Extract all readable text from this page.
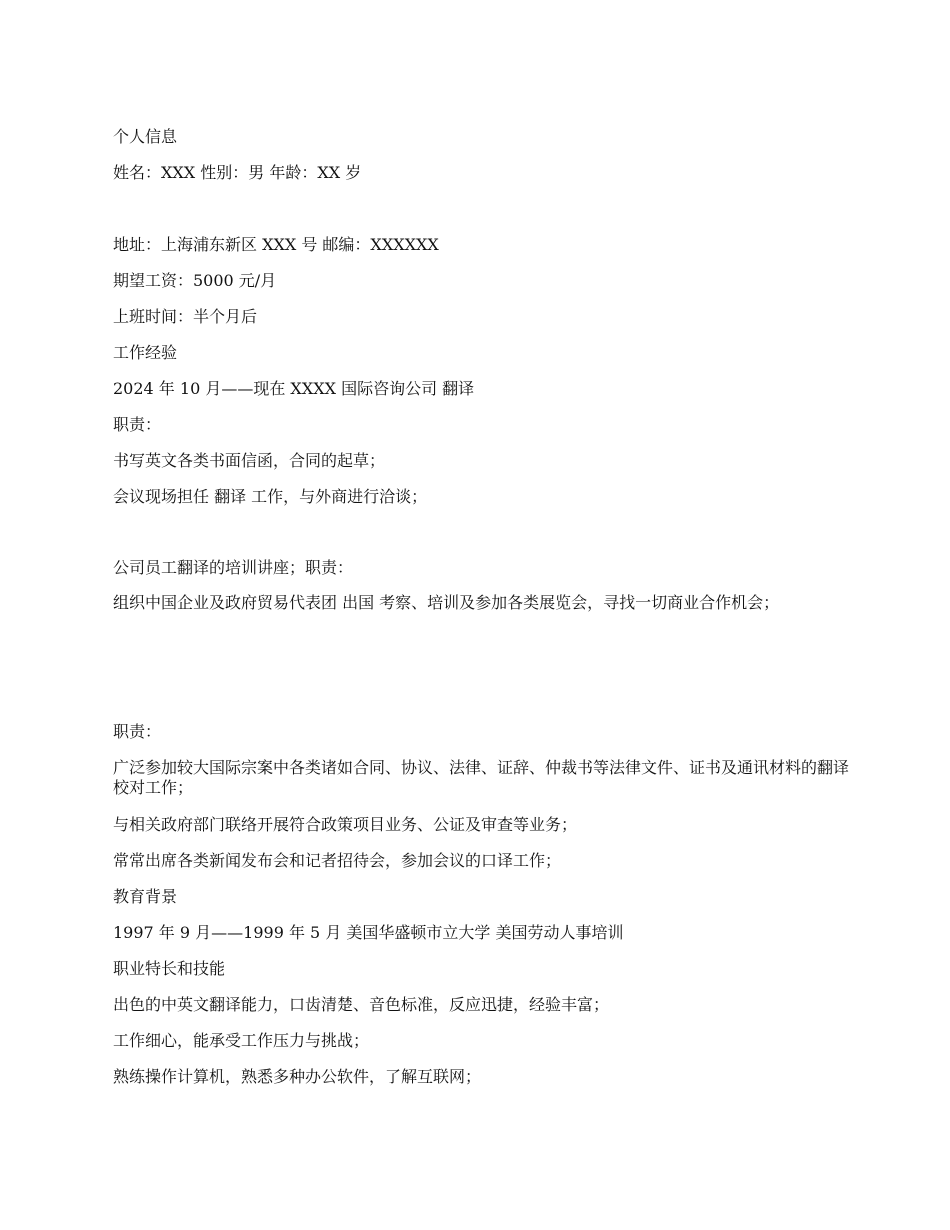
个人信息
姓名：XXX 性别：男 年龄：XX 岁
地址：上海浦东新区 XXX 号 邮编：XXXXXX
期望工资：5000 元/月
上班时间：半个月后
工作经验
2024 年 10 月——现在 XXXX 国际咨询公司 翻译
职责：
书写英文各类书面信函，合同的起草；
会议现场担任 翻译 工作，与外商进行洽谈；
公司员工翻译的培训讲座；职责：
组织中国企业及政府贸易代表团 出国 考察、培训及参加各类展览会，寻找一切商业合作机会；
职责：
广泛参加较大国际宗案中各类诸如合同、协议、法律、证辞、仲裁书等法律文件、证书及通讯材料的翻译校对工作；
与相关政府部门联络开展符合政策项目业务、公证及审查等业务；
常常出席各类新闻发布会和记者招待会，参加会议的口译工作；
教育背景
1997 年 9 月——1999 年 5 月 美国华盛顿市立大学 美国劳动人事培训
职业特长和技能
出色的中英文翻译能力，口齿清楚、音色标准，反应迅捷，经验丰富；
工作细心，能承受工作压力与挑战；
熟练操作计算机，熟悉多种办公软件，了解互联网；
